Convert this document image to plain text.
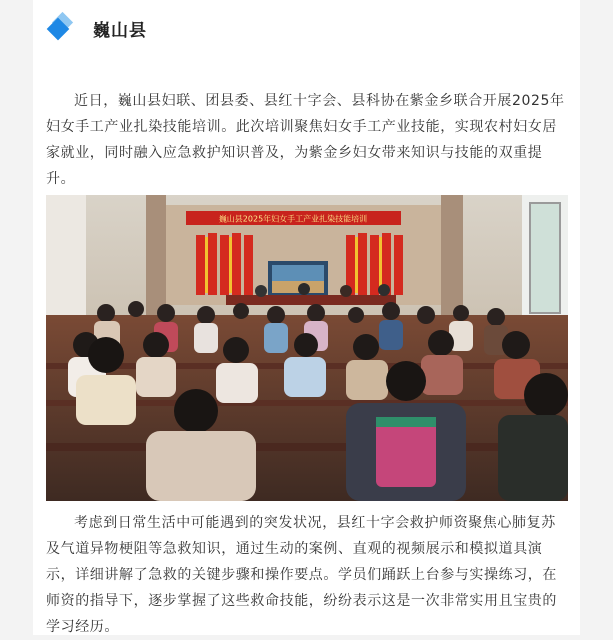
巍山县

近日，巍山县妇联、团县委、县红十字会、县科协在紫金乡联合开展2025年妇女手工产业扎染技能培训。此次培训聚焦妇女手工产业技能，实现农村妇女居家就业，同时融入应急救护知识普及，为紫金乡妇女带来知识与技能的双重提升。

巍山县2025年妇女手工产业扎染技能培训

考虑到日常生活中可能遇到的突发状况，县红十字会救护师资聚焦心肺复苏及气道异物梗阻等急救知识，通过生动的案例、直观的视频展示和模拟道具演示，详细讲解了急救的关键步骤和操作要点。学员们踊跃上台参与实操练习，在师资的指导下，逐步掌握了这些救命技能，纷纷表示这是一次非常实用且宝贵的学习经历。
